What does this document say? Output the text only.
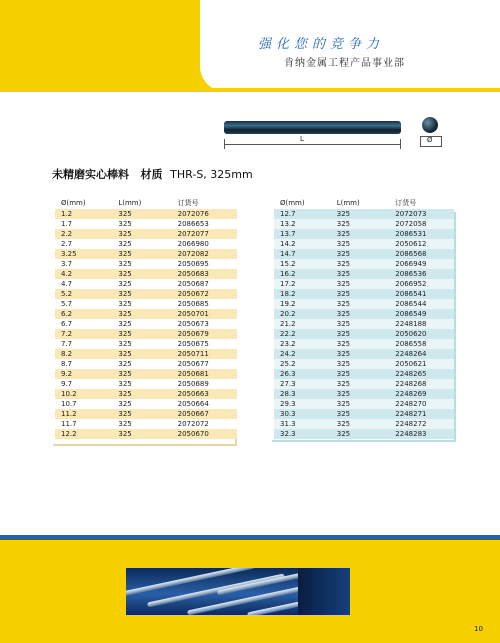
强化您的竞争力
肯纳金属工程产品事业部
L	Ø
未精磨实心棒料 材质 THR-S, 325mm
Ø(mm)	L(mm)	订货号
1.2	325	2072076
1.7	325	2086653
2.2	325	2072077
2.7	325	2066980
3.25	325	2072082
3.7	325	2050695
4.2	325	2050683
4.7	325	2050687
5.2	325	2050672
5.7	325	2050685
6.2	325	2050701
6.7	325	2050673
7.2	325	2050679
7.7	325	2050675
8.2	325	2050711
8.7	325	2050677
9.2	325	2050681
9.7	325	2050689
10.2	325	2050663
10.7	325	2050664
11.2	325	2050667
11.7	325	2072072
12.2	325	2050670
Ø(mm)	L(mm)	订货号
12.7	325	2072073
13.2	325	2072058
13.7	325	2086531
14.2	325	2050612
14.7	325	2086568
15.2	325	2066949
16.2	325	2086536
17.2	325	2066952
18.2	325	2086541
19.2	325	2086544
20.2	325	2086549
21.2	325	2248188
22.2	325	2050620
23.2	325	2086558
24.2	325	2248264
25.2	325	2050621
26.3	325	2248265
27.3	325	2248268
28.3	325	2248269
29.3	325	2248270
30.3	325	2248271
31.3	325	2248272
32.3	325	2248283
10
